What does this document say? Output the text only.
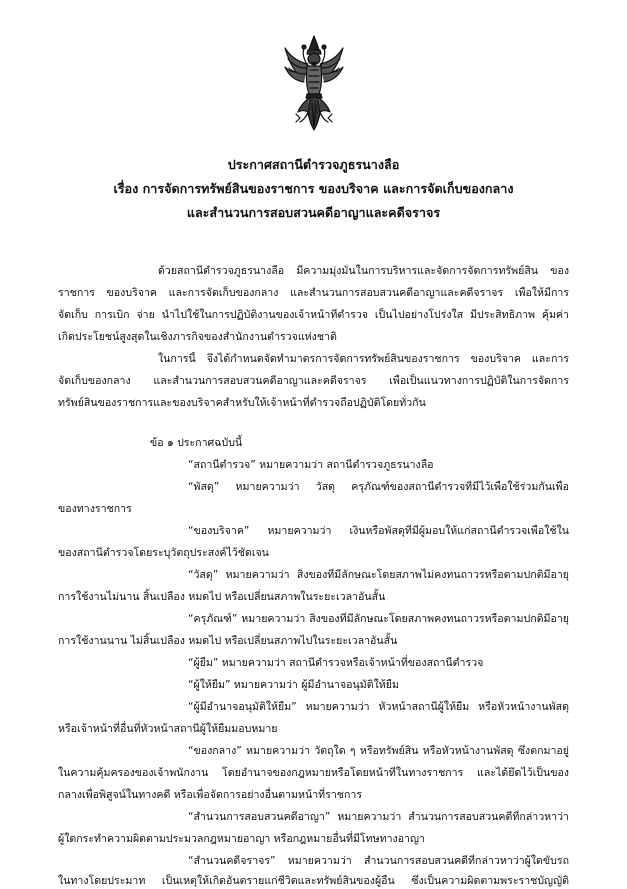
ประกาศสถานีตำรวจภูธรนางลือ
เรื่อง การจัดการทรัพย์สินของราชการ ของบริจาค และการจัดเก็บของกลาง
และสำนวนการสอบสวนคดีอาญาและคดีจราจร
ด้วยสถานีตำรวจภูธรนางลือ มีความมุ่งมั่นในการบริหารและจัดการจัดการทรัพย์สิน ของ
ราชการ ของบริจาค และการจัดเก็บของกลาง และสำนวนการสอบสวนคดีอาญาและคดีจราจร เพื่อให้มีการ
จัดเก็บ การเบิก จ่าย นำไปใช้ในการปฏิบัติงานของเจ้าหน้าที่ตำรวจ เป็นไปอย่างโปร่งใส มีประสิทธิภาพ คุ้มค่า
เกิดประโยชน์สูงสุดในเชิงภารกิจของสำนักงานตำรวจแห่งชาติ
ในการนี้ จึงได้กำหนดจัดทำมาตรการจัดการทรัพย์สินของราชการ ของบริจาค และการ
จัดเก็บของกลาง และสำนวนการสอบสวนคดีอาญาและคดีจราจร เพื่อเป็นแนวทางการปฏิบัติในการจัดการ
ทรัพย์สินของราชการและของบริจาคสำหรับให้เจ้าหน้าที่ตำรวจถือปฏิบัติโดยทั่วกัน
ข้อ ๑ ประกาศฉบับนี้
“สถานีตำรวจ” หมายความว่า สถานีตำรวจภูธรนางลือ
“พัสดุ” หมายความว่า วัสดุ ครุภัณฑ์ของสถานีตำรวจที่มีไว้เพื่อใช้ร่วมกันเพื่อ
ของทางราชการ
“ของบริจาค” หมายความว่า เงินหรือพัสดุที่มีผู้มอบให้แก่สถานีตำรวจเพื่อใช้ใน
ของสถานีตำรวจโดยระบุวัตถุประสงค์ไว้ชัดเจน
“วัสดุ” หมายความว่า สิ่งของที่มีลักษณะโดยสภาพไม่คงทนถาวรหรือตามปกติมีอายุ
การใช้งานไม่นาน สิ้นเปลือง หมดไป หรือเปลี่ยนสภาพในระยะเวลาอันสั้น
“ครุภัณฑ์” หมายความว่า สิ่งของที่มีลักษณะโดยสภาพคงทนถาวรหรือตามปกติมีอายุ
การใช้งานนาน ไม่สิ้นเปลือง หมดไป หรือเปลี่ยนสภาพไปในระยะเวลาอันสั้น
“ผู้ยืม” หมายความว่า สถานีตำรวจหรือเจ้าหน้าที่ของสถานีตำรวจ
“ผู้ให้ยืม” หมายความว่า ผู้มีอำนาจอนุมัติให้ยืม
“ผู้มีอำนาจอนุมัติให้ยืม” หมายความว่า หัวหน้าสถานีผู้ให้ยืม หรือหัวหน้างานพัสดุ
หรือเจ้าหน้าที่อื่นที่หัวหน้าสถานีผู้ให้ยืมมอบหมาย
“ของกลาง” หมายความว่า วัตถุใด ๆ หรือทรัพย์สิน หรือหัวหน้างานพัสดุ ซึ่งตกมาอยู่
ในความคุ้มครองของเจ้าพนักงาน โดยอำนาจของกฎหมายหรือโดยหน้าที่ในทางราชการ และได้ยึดไว้เป็นของ
กลางเพื่อพิสูจน์ในทางคดี หรือเพื่อจัดการอย่างอื่นตามหน้าที่ราชการ
“สำนวนการสอบสวนคดีอาญา” หมายความว่า สำนวนการสอบสวนคดีที่กล่าวหาว่า
ผู้ใดกระทำความผิดตามประมวลกฎหมายอาญา หรือกฎหมายอื่นที่มีโทษทางอาญา
“สำนวนคดีจราจร” หมายความว่า สำนวนการสอบสวนคดีที่กล่าวหาว่าผู้ใดขับรถ
ในทางโดยประมาท เป็นเหตุให้เกิดอันตรายแก่ชีวิตและทรัพย์สินของผู้อื่น ซึ่งเป็นความผิดตามพระราชบัญญัติ
